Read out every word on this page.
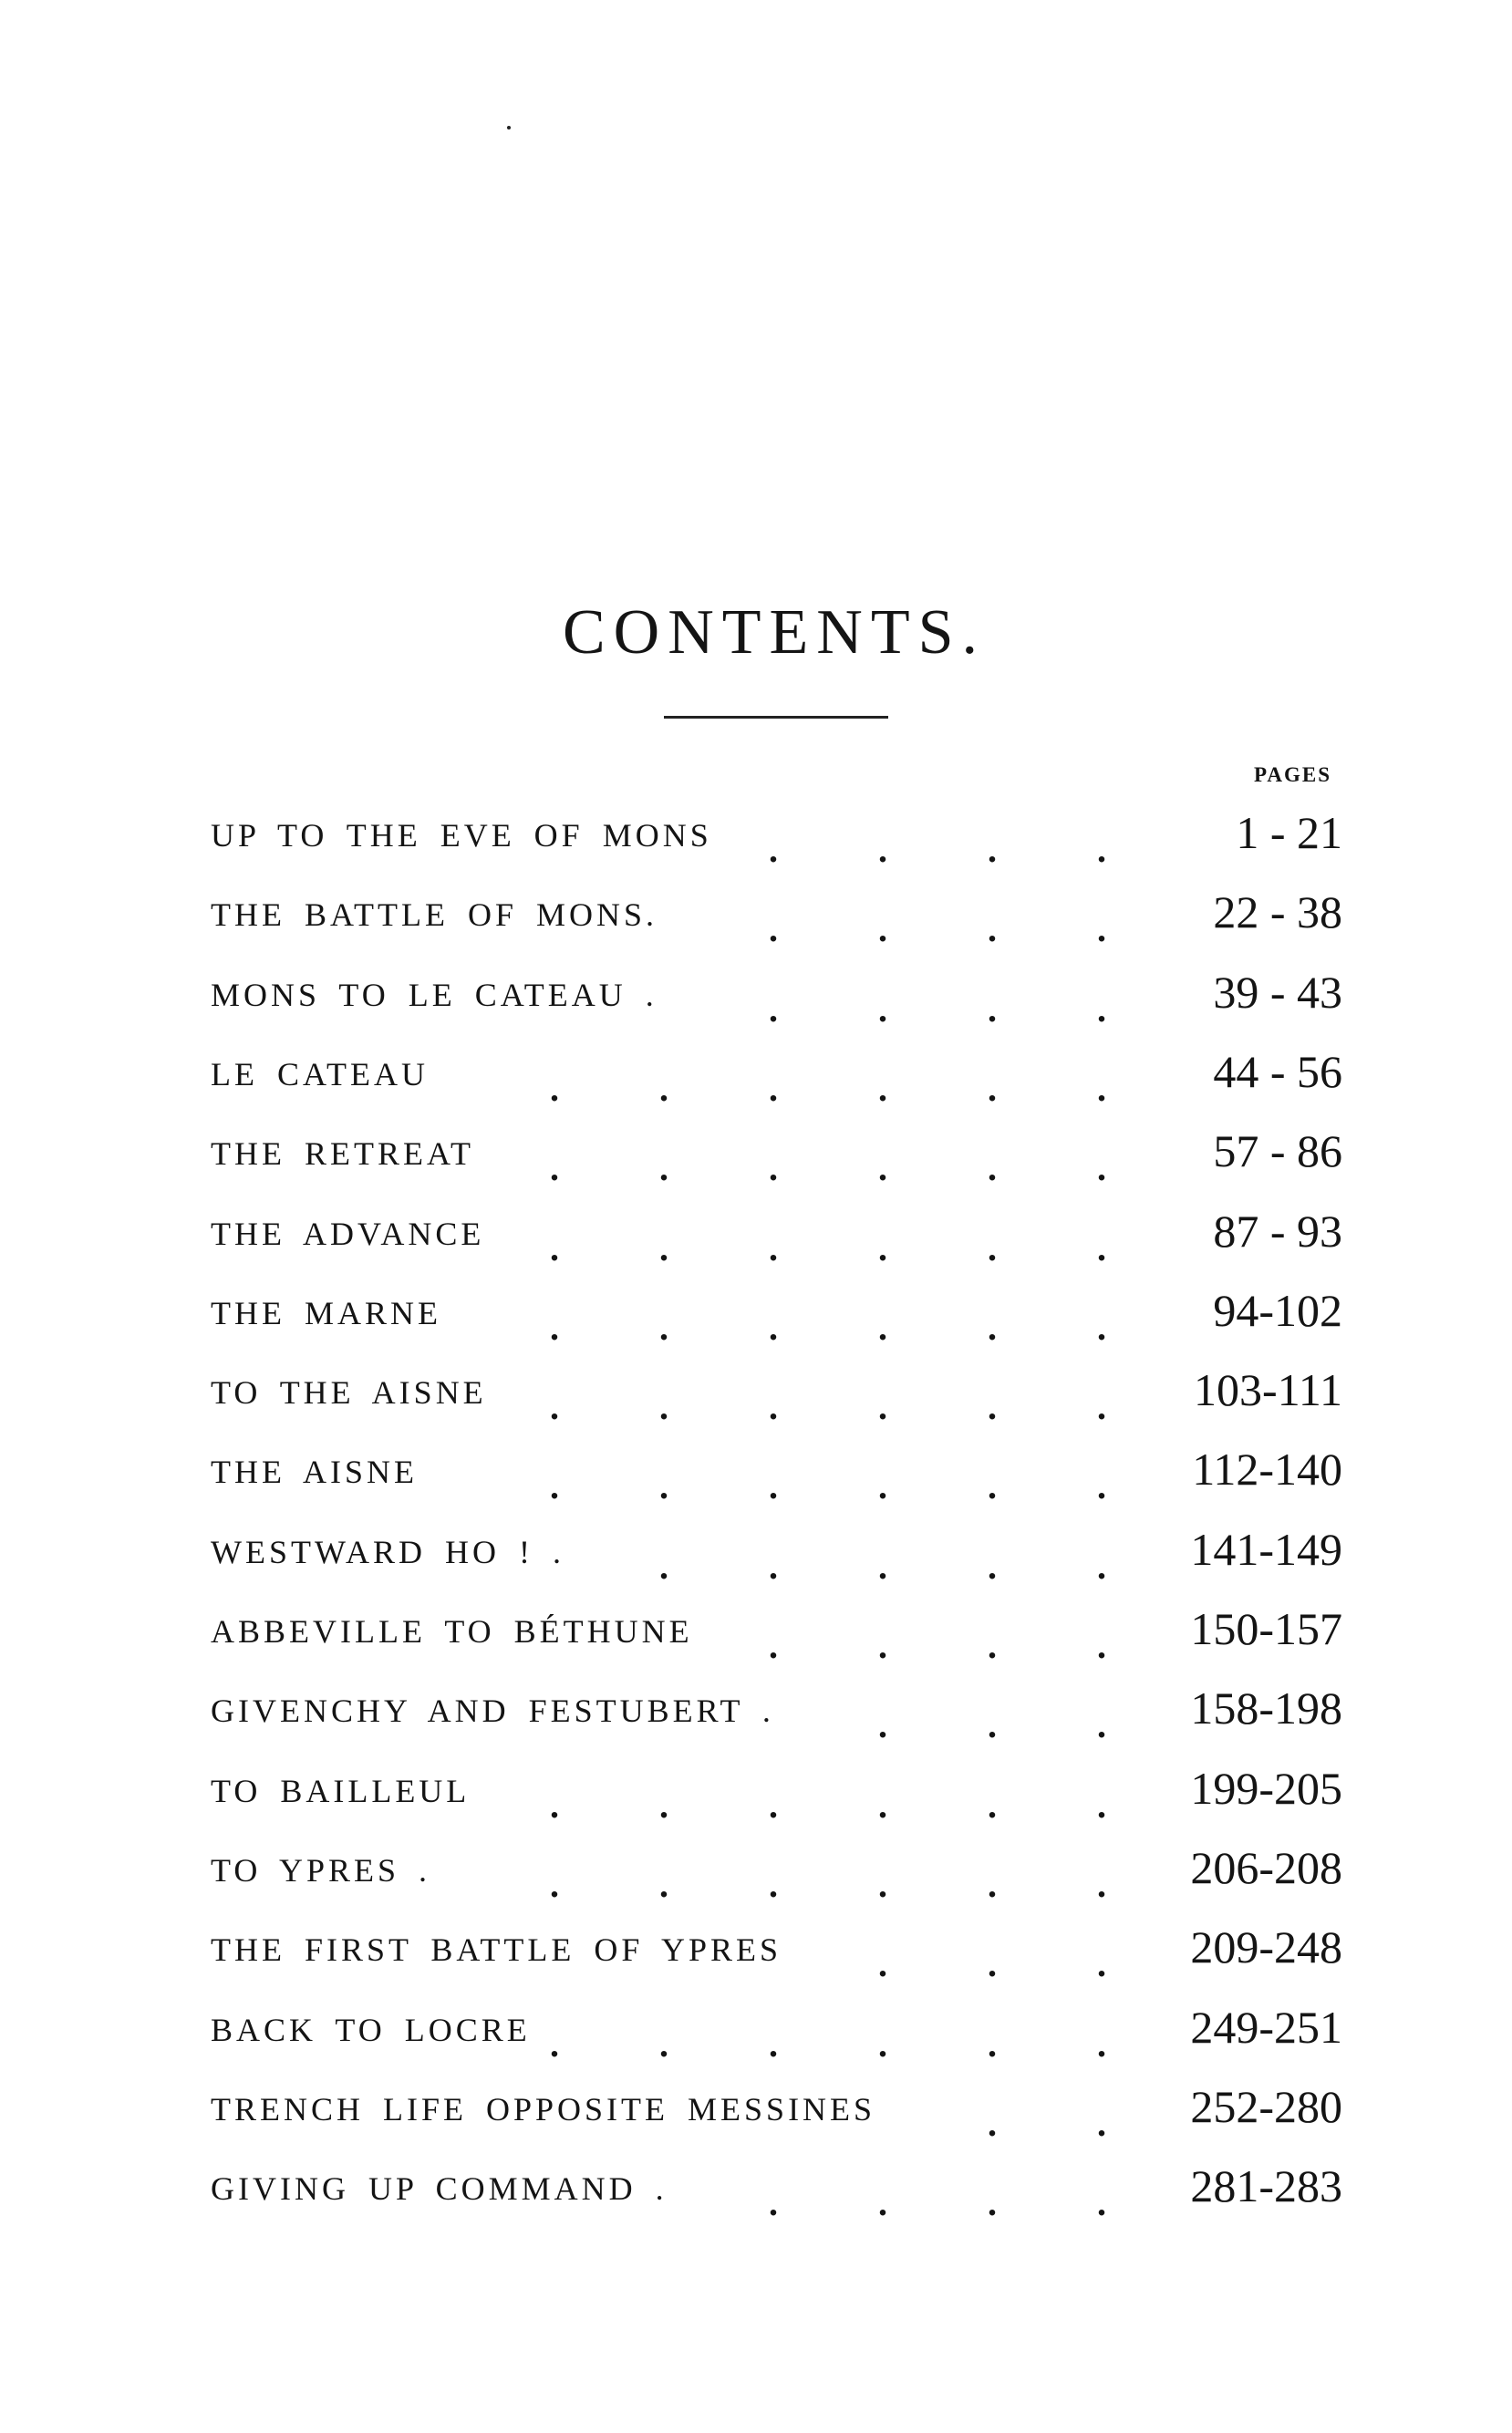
CONTENTS.
PAGES
UP TO THE EVE OF MONS .	.	.	.	1 - 21
THE BATTLE OF MONS.	.	.	.	.	22 - 38
MONS TO LE CATEAU .	.	.	.	.	39 - 43
LE CATEAU	.	.	.	.	.	.	44 - 56
THE RETREAT .	.	.	.	.	.	57 - 86
THE ADVANCE .	.	.	.	.	.	87 - 93
THE MARNE	.	.	.	.	.	.	94-102
TO THE AISNE .	.	.	.	.	.	103-111
THE AISNE	.	.	.	.	.	.	112-140
WESTWARD HO ! .	.	.	.	.	.	141-149
ABBEVILLE TO BÉTHUNE .	.	.	.	150-157
GIVENCHY AND FESTUBERT .	.	.	.	158-198
TO BAILLEUL .	.	.	.	.	.	199-205
TO YPRES .	.	.	.	.	.	.	206-208
THE FIRST BATTLE OF YPRES	.	.	.	209-248
BACK TO LOCRE .	.	.	.	.	.	249-251
TRENCH LIFE OPPOSITE MESSINES	.	.	252-280
GIVING UP COMMAND .	.	.	.	.	281-283
